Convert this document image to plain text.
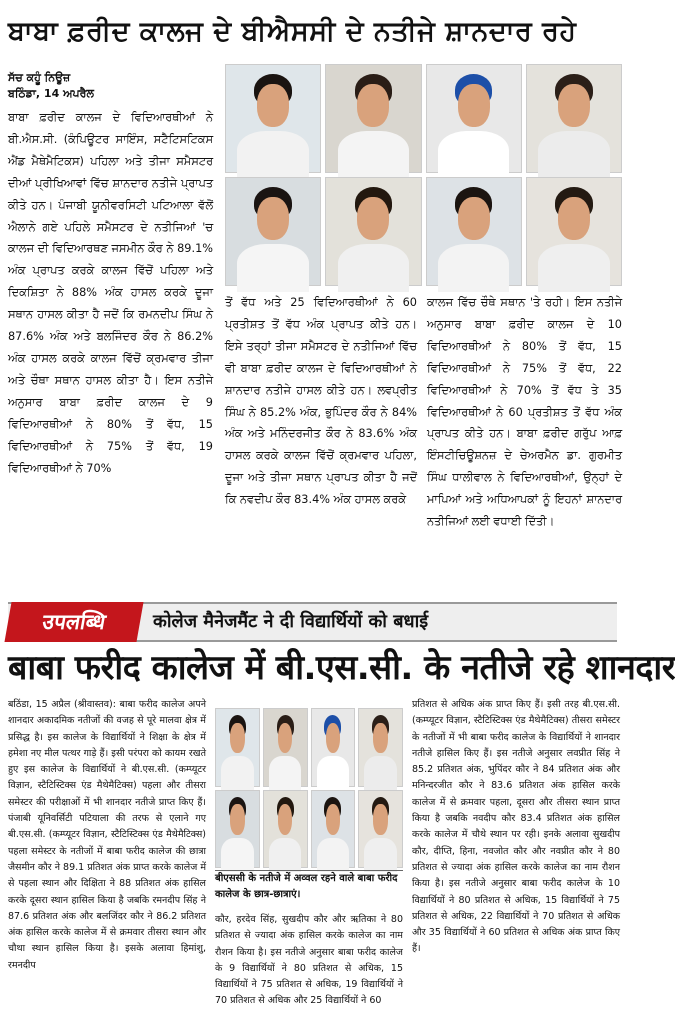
ਬਾਬਾ ਫ਼ਰੀਦ ਕਾਲਜ ਦੇ ਬੀਐਸਸੀ ਦੇ ਨਤੀਜੇ ਸ਼ਾਨਦਾਰ ਰਹੇ
ਸੱਚ ਕਹੂੰ ਨਿਊਜ਼
ਬਠਿੰਡਾ, 14 ਅਪਰੈਲ

ਬਾਬਾ ਫ਼ਰੀਦ ਕਾਲਜ ਦੇ ਵਿਦਿਆਰਥੀਆਂ ਨੇ ਬੀ.ਐਸ.ਸੀ. (ਕੰਪਿਊਟਰ ਸਾਇੰਸ, ਸਟੈਟਿਸਟਿਕਸ ਐਂਡ ਮੈਥੇਮੈਟਿਕਸ) ਪਹਿਲਾ ਅਤੇ ਤੀਜਾ ਸਮੈਸਟਰ ਦੀਆਂ ਪ੍ਰੀਖਿਆਵਾਂ ਵਿੱਚ ਸ਼ਾਨਦਾਰ ਨਤੀਜੇ ਪ੍ਰਾਪਤ ਕੀਤੇ ਹਨ। ਪੰਜਾਬੀ ਯੂਨੀਵਰਸਿਟੀ ਪਟਿਆਲਾ ਵੱਲੋਂ ਐਲਾਨੇ ਗਏ ਪਹਿਲੇ ਸਮੈਸਟਰ ਦੇ ਨਤੀਜਿਆਂ 'ਚ ਕਾਲਜ ਦੀ ਵਿਦਿਆਰਥਣ ਜਸਮੀਨ ਕੌਰ ਨੇ 89.1% ਅੰਕ ਪ੍ਰਾਪਤ ਕਰਕੇ ਕਾਲਜ ਵਿੱਚੋਂ ਪਹਿਲਾ ਅਤੇ ਦਿਕਸ਼ਿਤਾ ਨੇ 88% ਅੰਕ ਹਾਸਲ ਕਰਕੇ ਦੂਜਾ ਸਥਾਨ ਹਾਸਲ ਕੀਤਾ ਹੈ ਜਦੋਂ ਕਿ ਰਮਨਦੀਪ ਸਿੰਘ ਨੇ 87.6% ਅੰਕ ਅਤੇ ਬਲਜਿੰਦਰ ਕੌਰ ਨੇ 86.2% ਅੰਕ ਹਾਸਲ ਕਰਕੇ ਕਾਲਜ ਵਿੱਚੋਂ ਕ੍ਰਮਵਾਰ ਤੀਜਾ ਅਤੇ ਚੌਥਾ ਸਥਾਨ ਹਾਸਲ ਕੀਤਾ ਹੈ। ਇਸ ਨਤੀਜੇ ਅਨੁਸਾਰ ਬਾਬਾ ਫ਼ਰੀਦ ਕਾਲਜ ਦੇ 9 ਵਿਦਿਆਰਥੀਆਂ ਨੇ 80% ਤੋਂ ਵੱਧ, 15 ਵਿਦਿਆਰਥੀਆਂ ਨੇ 75% ਤੋਂ ਵੱਧ, 19 ਵਿਦਿਆਰਥੀਆਂ ਨੇ 70%

ਤੋਂ ਵੱਧ ਅਤੇ 25 ਵਿਦਿਆਰਥੀਆਂ ਨੇ 60 ਪ੍ਰਤੀਸ਼ਤ ਤੋਂ ਵੱਧ ਅੰਕ ਪ੍ਰਾਪਤ ਕੀਤੇ ਹਨ। ਇਸੇ ਤਰ੍ਹਾਂ ਤੀਜਾ ਸਮੈਸਟਰ ਦੇ ਨਤੀਜਿਆਂ ਵਿੱਚ ਵੀ ਬਾਬਾ ਫ਼ਰੀਦ ਕਾਲਜ ਦੇ ਵਿਦਿਆਰਥੀਆਂ ਨੇ ਸ਼ਾਨਦਾਰ ਨਤੀਜੇ ਹਾਸਲ ਕੀਤੇ ਹਨ। ਲਵਪ੍ਰੀਤ ਸਿੰਘ ਨੇ 85.2% ਅੰਕ, ਭੁਪਿੰਦਰ ਕੌਰ ਨੇ 84% ਅੰਕ ਅਤੇ ਮਨਿੰਦਰਜੀਤ ਕੌਰ ਨੇ 83.6% ਅੰਕ ਹਾਸਲ ਕਰਕੇ ਕਾਲਜ ਵਿੱਚੋਂ ਕ੍ਰਮਵਾਰ ਪਹਿਲਾ, ਦੂਜਾ ਅਤੇ ਤੀਜਾ ਸਥਾਨ ਪ੍ਰਾਪਤ ਕੀਤਾ ਹੈ ਜਦੋਂ ਕਿ ਨਵਦੀਪ ਕੌਰ 83.4% ਅੰਕ ਹਾਸਲ ਕਰਕੇ

ਕਾਲਜ ਵਿੱਚ ਚੌਥੇ ਸਥਾਨ 'ਤੇ ਰਹੀ। ਇਸ ਨਤੀਜੇ ਅਨੁਸਾਰ ਬਾਬਾ ਫ਼ਰੀਦ ਕਾਲਜ ਦੇ 10 ਵਿਦਿਆਰਥੀਆਂ ਨੇ 80% ਤੋਂ ਵੱਧ, 15 ਵਿਦਿਆਰਥੀਆਂ ਨੇ 75% ਤੋਂ ਵੱਧ, 22 ਵਿਦਿਆਰਥੀਆਂ ਨੇ 70% ਤੋਂ ਵੱਧ ਤੇ 35 ਵਿਦਿਆਰਥੀਆਂ ਨੇ 60 ਪ੍ਰਤੀਸ਼ਤ ਤੋਂ ਵੱਧ ਅੰਕ ਪ੍ਰਾਪਤ ਕੀਤੇ ਹਨ। ਬਾਬਾ ਫ਼ਰੀਦ ਗਰੁੱਪ ਆਫ਼ ਇੰਸਟੀਚਿਊਸ਼ਨਜ਼ ਦੇ ਚੇਅਰਮੈਨ ਡਾ. ਗੁਰਮੀਤ ਸਿੰਘ ਧਾਲੀਵਾਲ ਨੇ ਵਿਦਿਆਰਥੀਆਂ, ਉਨ੍ਹਾਂ ਦੇ ਮਾਪਿਆਂ ਅਤੇ ਅਧਿਆਪਕਾਂ ਨੂੰ ਇਹਨਾਂ ਸ਼ਾਨਦਾਰ ਨਤੀਜਿਆਂ ਲਈ ਵਧਾਈ ਦਿੱਤੀ।

उपलब्धि	कोलेज मैनेजमैंट ने दी विद्यार्थियों को बधाई
बाबा फरीद कालेज में बी.एस.सी. के नतीजे रहे शानदार

बठिंडा, 15 अप्रैल (श्रीवास्तव): बाबा फरीद कालेज अपने शानदार अकादमिक नतीजों की वजह से पूरे मालवा क्षेत्र में प्रसिद्ध है। इस कालेज के विद्यार्थियों ने शिक्षा के क्षेत्र में हमेशा नए मील पत्थर गाड़े हैं। इसी परंपरा को कायम रखते हुए इस कालेज के विद्यार्थियों ने बी.एस.सी. (कम्प्यूटर विज्ञान, स्टैटिस्टिक्स एंड मैथेमैटिक्स) पहला और तीसरा समेस्टर की परीक्षाओं में भी शानदार नतीजे प्राप्त किए हैं। पंजाबी यूनिवर्सिटी पटियाला की तरफ से एलाने गए बी.एस.सी. (कम्प्यूटर विज्ञान, स्टैटिस्टिक्स एंड मैथेमैटिक्स) पहला समेस्टर के नतीजों में बाबा फरीद कालेज की छात्रा जैसमीन कौर ने 89.1 प्रतिशत अंक प्राप्त करके कालेज में से पहला स्थान और दिक्षिता ने 88 प्रतिशत अंक हासिल करके दूसरा स्थान हासिल किया है जबकि रमनदीप सिंह ने 87.6 प्रतिशत अंक और बलजिंदर कौर ने 86.2 प्रतिशत अंक हासिल करके कालेज में से क्रमवार तीसरा स्थान और चौथा स्थान हासिल किया है। इसके अलावा हिमांशु, रमनदीप

बीएससी के नतीजे में अव्वल रहने वाले बाबा फरीद कालेज के छात्र-छात्राएं।

कौर, हरदेव सिंह, सुखदीप कौर और ऋतिका ने 80 प्रतिशत से ज्यादा अंक हासिल करके कालेज का नाम रौशन किया है। इस नतीजे अनुसार बाबा फरीद कालेज के 9 विद्यार्थियों ने 80 प्रतिशत से अधिक, 15 विद्यार्थियों ने 75 प्रतिशत से अधिक, 19 विद्यार्थियों ने 70 प्रतिशत से अधिक और 25 विद्यार्थियों ने 60

प्रतिशत से अधिक अंक प्राप्त किए हैं। इसी तरह बी.एस.सी. (कम्प्यूटर विज्ञान, स्टैटिस्टिक्स एंड मैथेमैटिक्स) तीसरा समेस्टर के नतीजों में भी बाबा फरीद कालेज के विद्यार्थियों ने शानदार नतीजे हासिल किए हैं। इस नतीजे अनुसार लवप्रीत सिंह ने 85.2 प्रतिशत अंक, भुपिंदर कौर ने 84 प्रतिशत अंक और मनिन्दरजीत कौर ने 83.6 प्रतिशत अंक हासिल करके कालेज में से क्रमवार पहला, दूसरा और तीसरा स्थान प्राप्त किया है जबकि नवदीप कौर 83.4 प्रतिशत अंक हासिल करके कालेज में चौथे स्थान पर रही। इनके अलावा सुखदीप कौर, दीप्ति, हिना, नवजोत कौर और नवप्रीत कौर ने 80 प्रतिशत से ज्यादा अंक हासिल करके कालेज का नाम रौशन किया है। इस नतीजे अनुसार बाबा फरीद कालेज के 10 विद्यार्थियों ने 80 प्रतिशत से अधिक, 15 विद्यार्थियों ने 75 प्रतिशत से अधिक, 22 विद्यार्थियों ने 70 प्रतिशत से अधिक और 35 विद्यार्थियों ने 60 प्रतिशत से अधिक अंक प्राप्त किए हैं।
